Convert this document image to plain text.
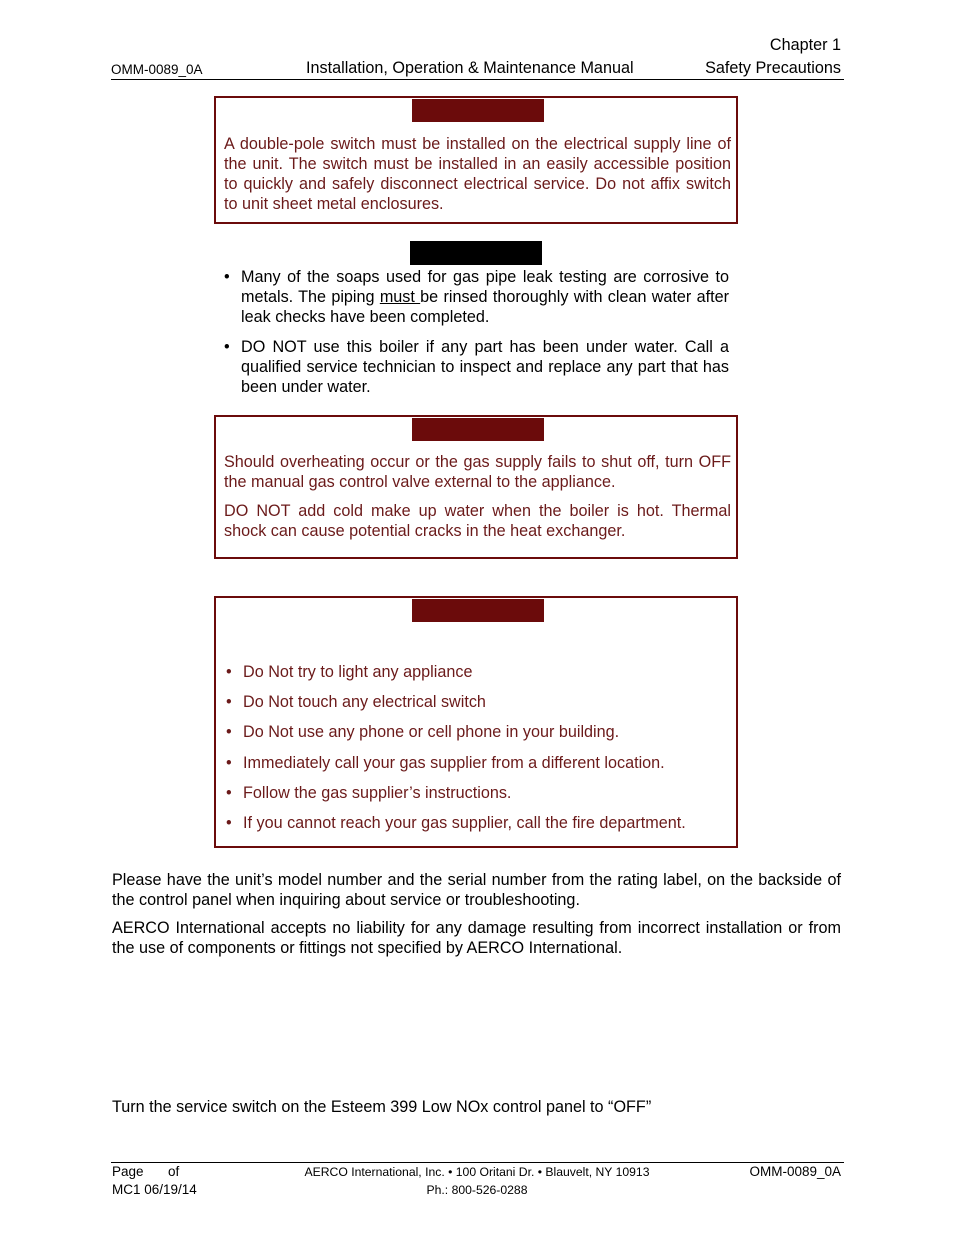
Chapter 1
OMM-0089_0A	Installation, Operation & Maintenance Manual	Safety Precautions
A double-pole switch must be installed on the electrical supply line of the unit. The switch must be installed in an easily accessible position to quickly and safely disconnect electrical service. Do not affix switch to unit sheet metal enclosures.
• Many of the soaps used for gas pipe leak testing are corrosive to metals. The piping must be rinsed thoroughly with clean water after leak checks have been completed.
• DO NOT use this boiler if any part has been under water. Call a qualified service technician to inspect and replace any part that has been under water.
Should overheating occur or the gas supply fails to shut off, turn OFF the manual gas control valve external to the appliance.
DO NOT add cold make up water when the boiler is hot. Thermal shock can cause potential cracks in the heat exchanger.
• Do Not try to light any appliance
• Do Not touch any electrical switch
• Do Not use any phone or cell phone in your building.
• Immediately call your gas supplier from a different location.
• Follow the gas supplier’s instructions.
• If you cannot reach your gas supplier, call the fire department.
Please have the unit’s model number and the serial number from the rating label, on the backside of the control panel when inquiring about service or troubleshooting.
AERCO International accepts no liability for any damage resulting from incorrect installation or from the use of components or fittings not specified by AERCO International.
Turn the service switch on the Esteem 399 Low NOx control panel to “OFF”
Page of
MC1 06/19/14
AERCO International, Inc. • 100 Oritani Dr. • Blauvelt, NY 10913
Ph.: 800-526-0288
OMM-0089_0A
